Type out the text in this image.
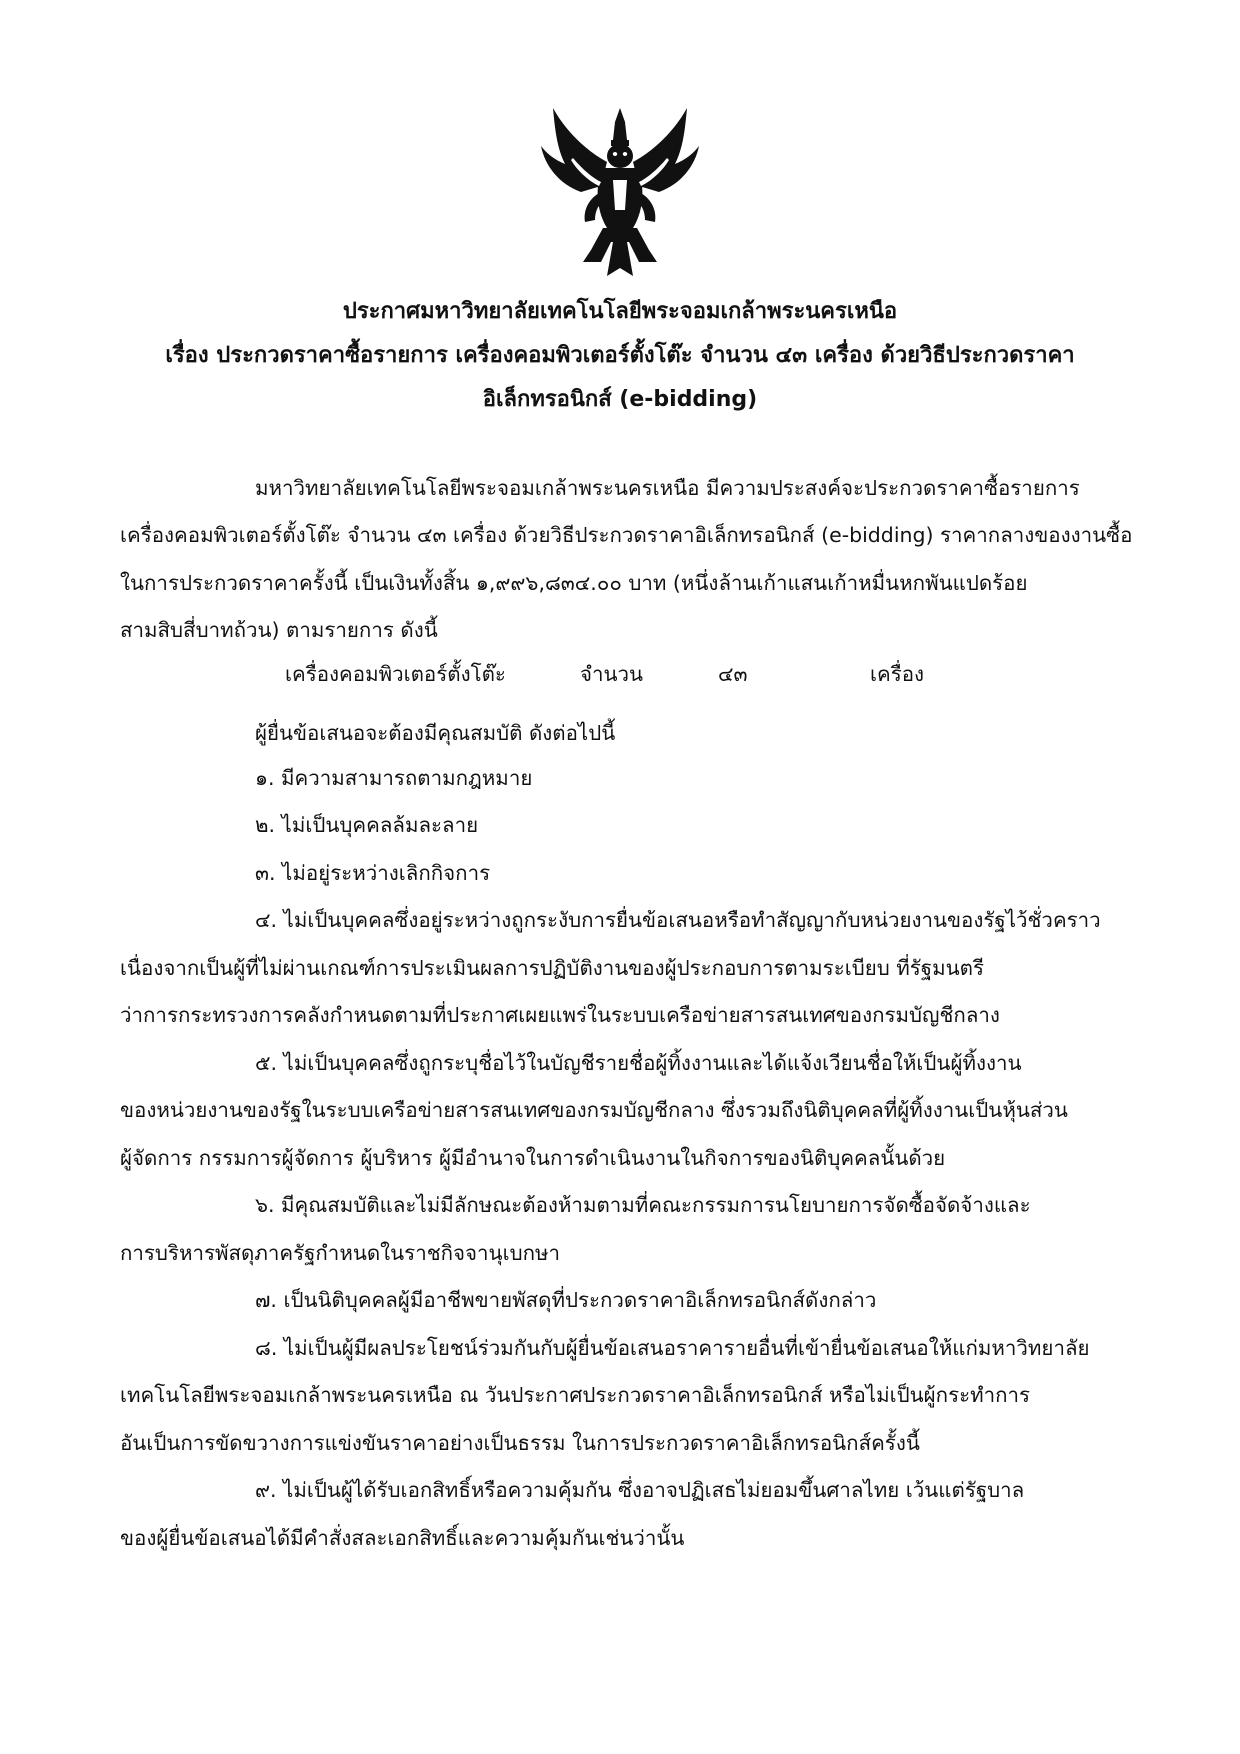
ประกาศมหาวิทยาลัยเทคโนโลยีพระจอมเกล้าพระนครเหนือ
เรื่อง ประกวดราคาซื้อรายการ เครื่องคอมพิวเตอร์ตั้งโต๊ะ จำนวน ๔๓ เครื่อง ด้วยวิธีประกวดราคา
อิเล็กทรอนิกส์ (e-bidding)
มหาวิทยาลัยเทคโนโลยีพระจอมเกล้าพระนครเหนือ มีความประสงค์จะประกวดราคาซื้อรายการ
เครื่องคอมพิวเตอร์ตั้งโต๊ะ จำนวน ๔๓ เครื่อง ด้วยวิธีประกวดราคาอิเล็กทรอนิกส์ (e-bidding) ราคากลางของงานซื้อ
ในการประกวดราคาครั้งนี้ เป็นเงินทั้งสิ้น ๑,๙๙๖,๘๓๔.๐๐ บาท (หนึ่งล้านเก้าแสนเก้าหมื่นหกพันแปดร้อย
สามสิบสี่บาทถ้วน) ตามรายการ ดังนี้
เครื่องคอมพิวเตอร์ตั้งโต๊ะ	จำนวน	๔๓	เครื่อง
ผู้ยื่นข้อเสนอจะต้องมีคุณสมบัติ ดังต่อไปนี้
๑. มีความสามารถตามกฎหมาย
๒. ไม่เป็นบุคคลล้มละลาย
๓. ไม่อยู่ระหว่างเลิกกิจการ
๔. ไม่เป็นบุคคลซึ่งอยู่ระหว่างถูกระงับการยื่นข้อเสนอหรือทำสัญญากับหน่วยงานของรัฐไว้ชั่วคราว
เนื่องจากเป็นผู้ที่ไม่ผ่านเกณฑ์การประเมินผลการปฏิบัติงานของผู้ประกอบการตามระเบียบ ที่รัฐมนตรี
ว่าการกระทรวงการคลังกำหนดตามที่ประกาศเผยแพร่ในระบบเครือข่ายสารสนเทศของกรมบัญชีกลาง
๕. ไม่เป็นบุคคลซึ่งถูกระบุชื่อไว้ในบัญชีรายชื่อผู้ทิ้งงานและได้แจ้งเวียนชื่อให้เป็นผู้ทิ้งงาน
ของหน่วยงานของรัฐในระบบเครือข่ายสารสนเทศของกรมบัญชีกลาง ซึ่งรวมถึงนิติบุคคลที่ผู้ทิ้งงานเป็นหุ้นส่วน
ผู้จัดการ กรรมการผู้จัดการ ผู้บริหาร ผู้มีอำนาจในการดำเนินงานในกิจการของนิติบุคคลนั้นด้วย
๖. มีคุณสมบัติและไม่มีลักษณะต้องห้ามตามที่คณะกรรมการนโยบายการจัดซื้อจัดจ้างและ
การบริหารพัสดุภาครัฐกำหนดในราชกิจจานุเบกษา
๗. เป็นนิติบุคคลผู้มีอาชีพขายพัสดุที่ประกวดราคาอิเล็กทรอนิกส์ดังกล่าว
๘. ไม่เป็นผู้มีผลประโยชน์ร่วมกันกับผู้ยื่นข้อเสนอราคารายอื่นที่เข้ายื่นข้อเสนอให้แก่มหาวิทยาลัย
เทคโนโลยีพระจอมเกล้าพระนครเหนือ ณ วันประกาศประกวดราคาอิเล็กทรอนิกส์ หรือไม่เป็นผู้กระทำการ
อันเป็นการขัดขวางการแข่งขันราคาอย่างเป็นธรรม ในการประกวดราคาอิเล็กทรอนิกส์ครั้งนี้
๙. ไม่เป็นผู้ได้รับเอกสิทธิ์หรือความคุ้มกัน ซึ่งอาจปฏิเสธไม่ยอมขึ้นศาลไทย เว้นแต่รัฐบาล
ของผู้ยื่นข้อเสนอได้มีคำสั่งสละเอกสิทธิ์และความคุ้มกันเช่นว่านั้น
